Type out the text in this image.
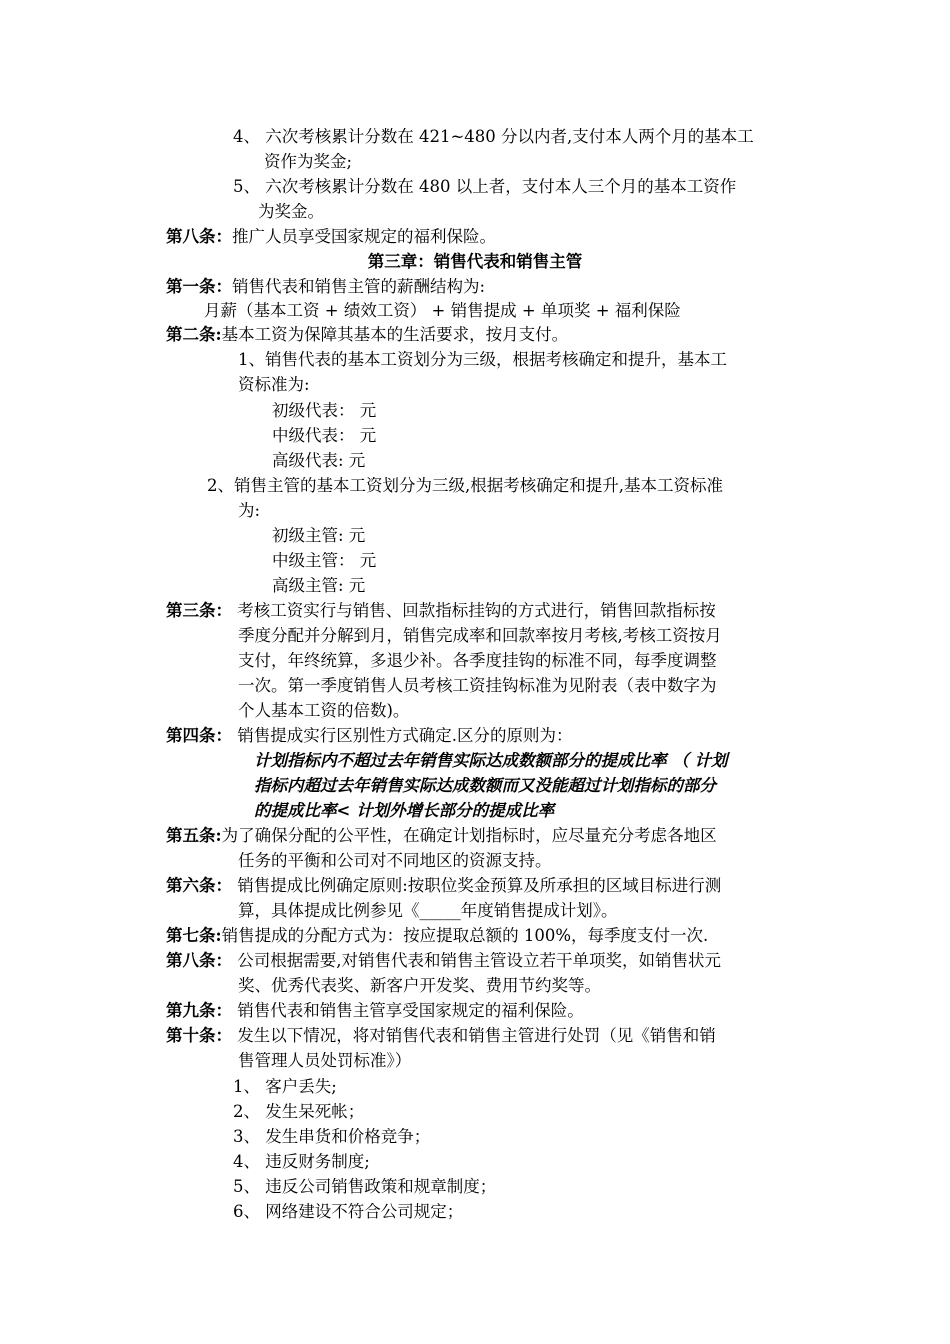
4、 六次考核累计分数在 421~480 分以内者,支付本人两个月的基本工
资作为奖金;
5、 六次考核累计分数在 480 以上者，支付本人三个月的基本工资作
为奖金。
第八条：推广人员享受国家规定的福利保险。
第三章：销售代表和销售主管
第一条：销售代表和销售主管的薪酬结构为:
月薪（基本工资 + 绩效工资） + 销售提成 + 单项奖 + 福利保险
第二条:基本工资为保障其基本的生活要求，按月支付。
1、销售代表的基本工资划分为三级，根据考核确定和提升，基本工
资标准为:
初级代表： 元
中级代表： 元
高级代表: 元
2、销售主管的基本工资划分为三级,根据考核确定和提升,基本工资标准
为:
初级主管: 元
中级主管： 元
高级主管: 元
第三条： 考核工资实行与销售、回款指标挂钩的方式进行，销售回款指标按
季度分配并分解到月，销售完成率和回款率按月考核,考核工资按月
支付，年终统算，多退少补。各季度挂钩的标准不同，每季度调整
一次。第一季度销售人员考核工资挂钩标准为见附表（表中数字为
个人基本工资的倍数)。
第四条： 销售提成实行区别性方式确定.区分的原则为：
计划指标内不超过去年销售实际达成数额部分的提成比率 （ 计划
指标内超过去年销售实际达成数额而又没能超过计划指标的部分
的提成比率< 计划外增长部分的提成比率
第五条:为了确保分配的公平性，在确定计划指标时，应尽量充分考虑各地区
任务的平衡和公司对不同地区的资源支持。
第六条： 销售提成比例确定原则:按职位奖金预算及所承担的区域目标进行测
算，具体提成比例参见《_____年度销售提成计划》。
第七条:销售提成的分配方式为：按应提取总额的 100%，每季度支付一次.
第八条： 公司根据需要,对销售代表和销售主管设立若干单项奖，如销售状元
奖、优秀代表奖、新客户开发奖、费用节约奖等。
第九条： 销售代表和销售主管享受国家规定的福利保险。
第十条： 发生以下情况，将对销售代表和销售主管进行处罚（见《销售和销
售管理人员处罚标准》）
1、 客户丢失;
2、 发生呆死帐；
3、 发生串货和价格竞争；
4、 违反财务制度;
5、 违反公司销售政策和规章制度；
6、 网络建设不符合公司规定；
